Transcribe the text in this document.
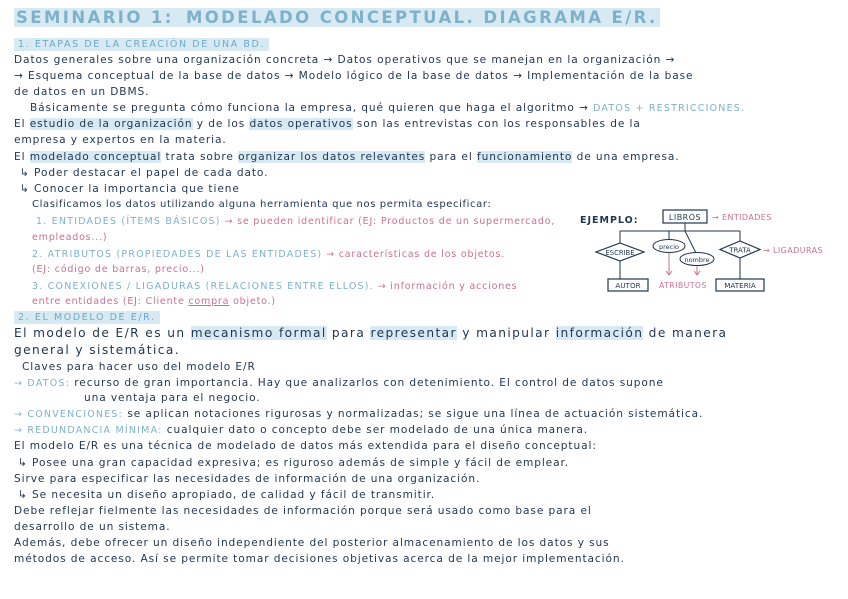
SEMINARIO 1: MODELADO CONCEPTUAL. DIAGRAMA E/R.
1. ETAPAS DE LA CREACIÓN DE UNA BD.
Datos generales sobre una organización concreta → Datos operativos que se manejan en la organización →
→ Esquema conceptual de la base de datos → Modelo lógico de la base de datos → Implementación de la base
de datos en un DBMS.
Básicamente se pregunta cómo funciona la empresa, qué quieren que haga el algoritmo → DATOS + RESTRICCIONES.
El estudio de la organización y de los datos operativos son las entrevistas con los responsables de la
empresa y expertos en la materia.
El modelado conceptual trata sobre organizar los datos relevantes para el funcionamiento de una empresa.
↳ Poder destacar el papel de cada dato.
↳ Conocer la importancia que tiene
Clasificamos los datos utilizando alguna herramienta que nos permita especificar:
1. ENTIDADES (ÍTEMS BÁSICOS) → se pueden identificar (EJ: Productos de un supermercado,
empleados...)
2. ATRIBUTOS (PROPIEDADES DE LAS ENTIDADES) → características de los objetos.
(EJ: código de barras, precio...)
3. CONEXIONES / LIGADURAS (RELACIONES ENTRE ELLOS). → información y acciones
entre entidades (EJ: Cliente compra objeto.)
EJEMPLO:	LIBROS → ENTIDADES
ESCRIBE
precio
nombre
TRATA → LIGADURAS
AUTOR ATRIBUTOS MATERIA
2. EL MODELO DE E/R.
El modelo de E/R es un mecanismo formal para representar y manipular información de manera
general y sistemática.
Claves para hacer uso del modelo E/R
→ DATOS: recurso de gran importancia. Hay que analizarlos con detenimiento. El control de datos supone
una ventaja para el negocio.
→ CONVENCIONES: se aplican notaciones rigurosas y normalizadas; se sigue una línea de actuación sistemática.
→ REDUNDANCIA MÍNIMA: cualquier dato o concepto debe ser modelado de una única manera.
El modelo E/R es una técnica de modelado de datos más extendida para el diseño conceptual:
↳ Posee una gran capacidad expresiva; es riguroso además de simple y fácil de emplear.
Sirve para especificar las necesidades de información de una organización.
↳ Se necesita un diseño apropiado, de calidad y fácil de transmitir.
Debe reflejar fielmente las necesidades de información porque será usado como base para el
desarrollo de un sistema.
Además, debe ofrecer un diseño independiente del posterior almacenamiento de los datos y sus
métodos de acceso. Así se permite tomar decisiones objetivas acerca de la mejor implementación.
